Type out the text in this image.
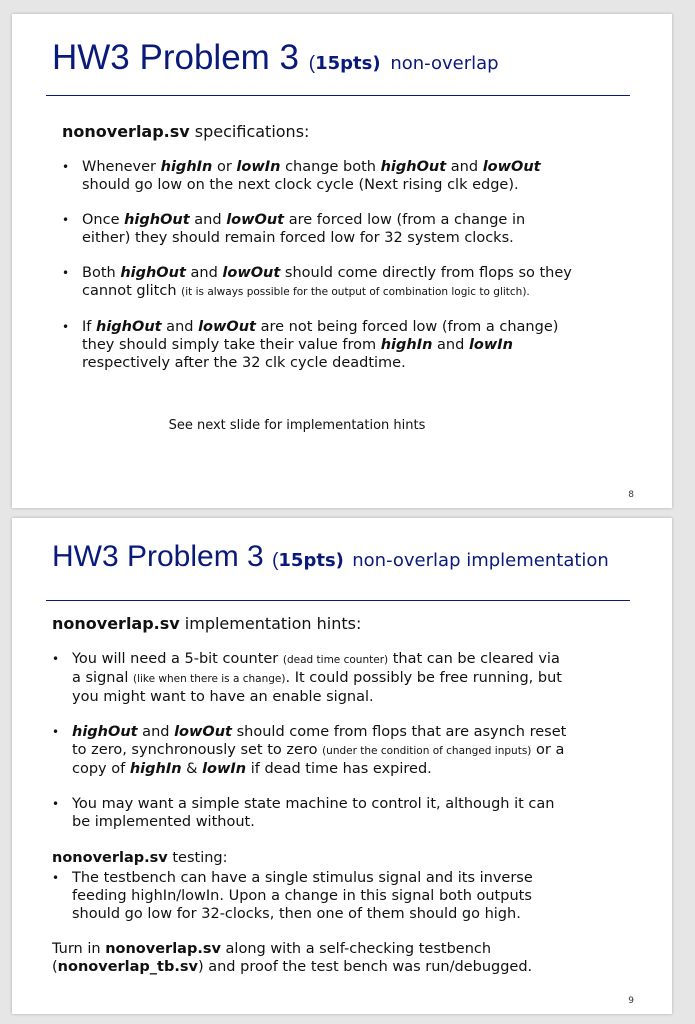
HW3 Problem 3 (15pts) non-overlap

nonoverlap.sv specifications:

• Whenever highIn or lowIn change both highOut and lowOut should go low on the next clock cycle (Next rising clk edge).
• Once highOut and lowOut are forced low (from a change in either) they should remain forced low for 32 system clocks.
• Both highOut and lowOut should come directly from flops so they cannot glitch (it is always possible for the output of combination logic to glitch).
• If highOut and lowOut are not being forced low (from a change) they should simply take their value from highIn and lowIn respectively after the 32 clk cycle deadtime.
See next slide for implementation hints
8
HW3 Problem 3 (15pts) non-overlap implementation

nonoverlap.sv implementation hints:

• You will need a 5-bit counter (dead time counter) that can be cleared via a signal (like when there is a change). It could possibly be free running, but you might want to have an enable signal.
• highOut and lowOut should come from flops that are asynch reset to zero, synchronously set to zero (under the condition of changed inputs) or a copy of highIn & lowIn if dead time has expired.
• You may want a simple state machine to control it, although it can be implemented without.
nonoverlap.sv testing:
• The testbench can have a single stimulus signal and its inverse feeding highIn/lowIn. Upon a change in this signal both outputs should go low for 32-clocks, then one of them should go high.
Turn in nonoverlap.sv along with a self-checking testbench (nonoverlap_tb.sv) and proof the test bench was run/debugged.
9
